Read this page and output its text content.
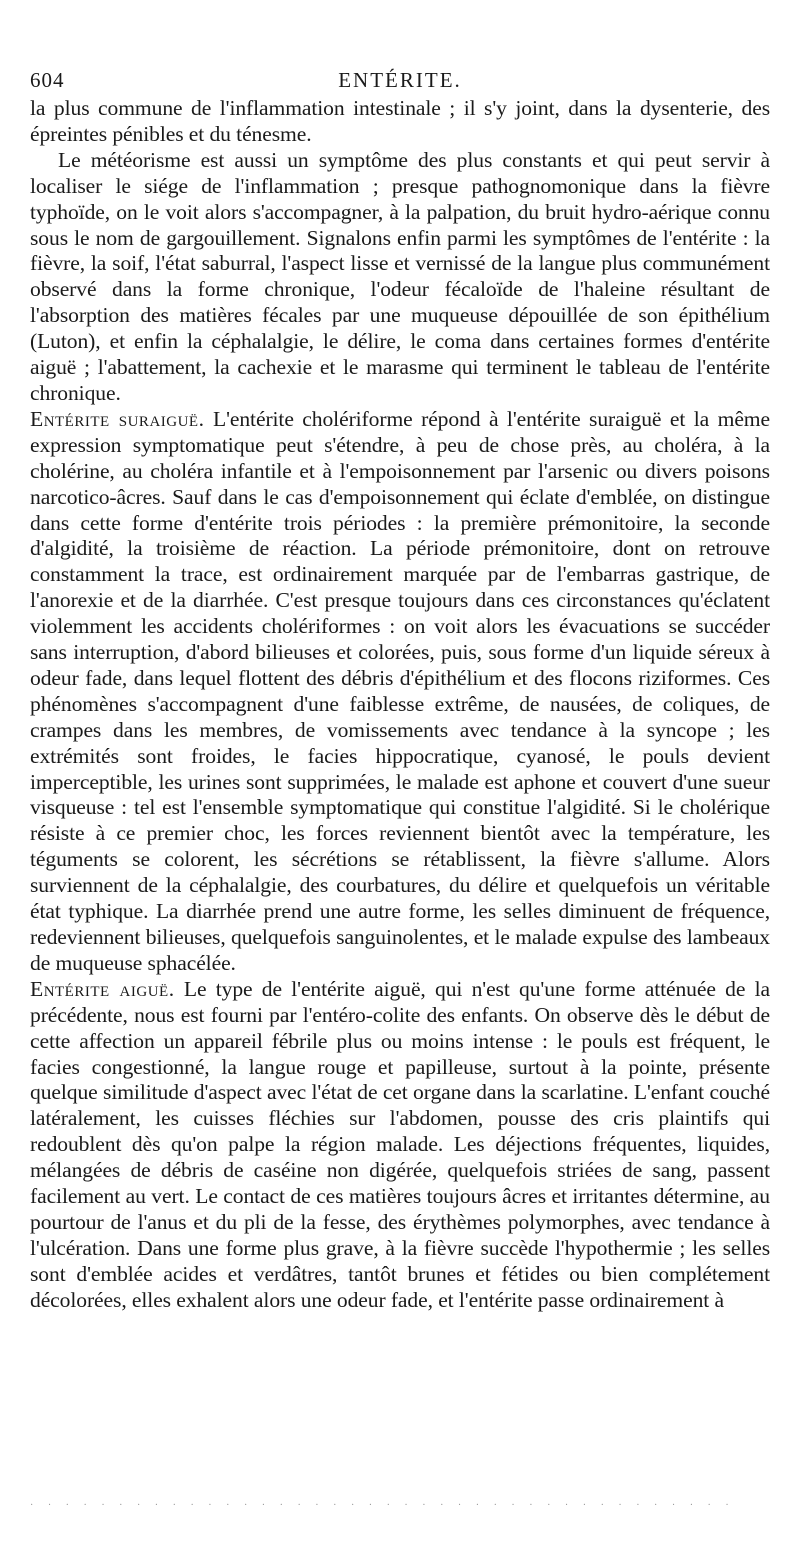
604	ENTÉRITE.

la plus commune de l'inflammation intestinale ; il s'y joint, dans la dysenterie, des épreintes pénibles et du ténesme.

Le météorisme est aussi un symptôme des plus constants et qui peut servir à localiser le siége de l'inflammation ; presque pathognomonique dans la fièvre typhoïde, on le voit alors s'accompagner, à la palpation, du bruit hydro-aérique connu sous le nom de gargouillement. Signalons enfin parmi les symptômes de l'entérite : la fièvre, la soif, l'état saburral, l'aspect lisse et vernissé de la langue plus communément observé dans la forme chronique, l'odeur fécaloïde de l'haleine résultant de l'absorption des matières fécales par une muqueuse dépouillée de son épithélium (Luton), et enfin la céphalalgie, le délire, le coma dans certaines formes d'entérite aiguë ; l'abattement, la cachexie et le marasme qui terminent le tableau de l'entérite chronique.

Entérite suraiguë. L'entérite cholériforme répond à l'entérite suraiguë et la même expression symptomatique peut s'étendre, à peu de chose près, au choléra, à la cholérine, au choléra infantile et à l'empoisonnement par l'arsenic ou divers poisons narcotico-âcres. Sauf dans le cas d'empoisonnement qui éclate d'emblée, on distingue dans cette forme d'entérite trois périodes : la première prémonitoire, la seconde d'algidité, la troisième de réaction. La période prémonitoire, dont on retrouve constamment la trace, est ordinairement marquée par de l'embarras gastrique, de l'anorexie et de la diarrhée. C'est presque toujours dans ces circonstances qu'éclatent violemment les accidents cholériformes : on voit alors les évacuations se succéder sans interruption, d'abord bilieuses et colorées, puis, sous forme d'un liquide séreux à odeur fade, dans lequel flottent des débris d'épithélium et des flocons riziformes. Ces phénomènes s'accompagnent d'une faiblesse extrême, de nausées, de coliques, de crampes dans les membres, de vomissements avec tendance à la syncope ; les extrémités sont froides, le facies hippocratique, cyanosé, le pouls devient imperceptible, les urines sont supprimées, le malade est aphone et couvert d'une sueur visqueuse : tel est l'ensemble symptomatique qui constitue l'algidité. Si le cholérique résiste à ce premier choc, les forces reviennent bientôt avec la température, les téguments se colorent, les sécrétions se rétablissent, la fièvre s'allume. Alors surviennent de la céphalalgie, des courbatures, du délire et quelquefois un véritable état typhique. La diarrhée prend une autre forme, les selles diminuent de fréquence, redeviennent bilieuses, quelquefois sanguinolentes, et le malade expulse des lambeaux de muqueuse sphacélée.

Entérite aiguë. Le type de l'entérite aiguë, qui n'est qu'une forme atténuée de la précédente, nous est fourni par l'entéro-colite des enfants. On observe dès le début de cette affection un appareil fébrile plus ou moins intense : le pouls est fréquent, le facies congestionné, la langue rouge et papilleuse, surtout à la pointe, présente quelque similitude d'aspect avec l'état de cet organe dans la scarlatine. L'enfant couché latéralement, les cuisses fléchies sur l'abdomen, pousse des cris plaintifs qui redoublent dès qu'on palpe la région malade. Les déjections fréquentes, liquides, mélangées de débris de caséine non digérée, quelquefois striées de sang, passent facilement au vert. Le contact de ces matières toujours âcres et irritantes détermine, au pourtour de l'anus et du pli de la fesse, des érythèmes polymorphes, avec tendance à l'ulcération. Dans une forme plus grave, à la fièvre succède l'hypothermie ; les selles sont d'emblée acides et verdâtres, tantôt brunes et fétides ou bien complétement décolorées, elles exhalent alors une odeur fade, et l'entérite passe ordinairement à

· · · · · · · · · · · · · · · · · · · · · · · · · · · · · · · · · · · · · · · ·
